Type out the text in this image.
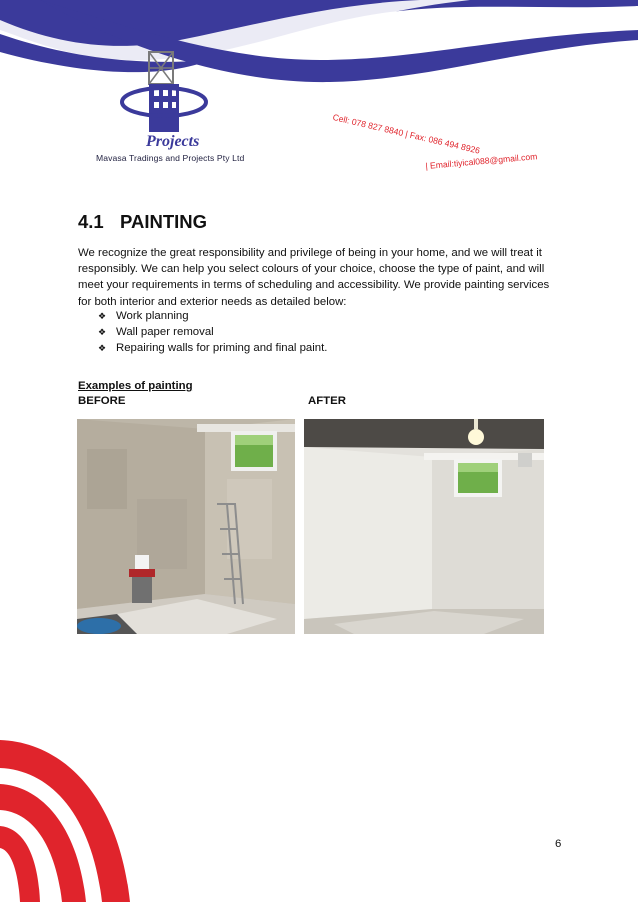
Projects
Mavasa Tradings and Projects Pty Ltd
Cell: 078 827 8840 | Fax: 086 494 8926
| Email:tiyical088@gmail.com
4.1 PAINTING

We recognize the great responsibility and privilege of being in your home, and we will treat it responsibly. We can help you select colours of your choice, choose the type of paint, and will meet your requirements in terms of scheduling and accessibility. We provide painting services for both interior and exterior needs as detailed below:

❖ Work planning
❖ Wall paper removal
❖ Repairing walls for priming and final paint.
Examples of painting
BEFORE	AFTER
6
